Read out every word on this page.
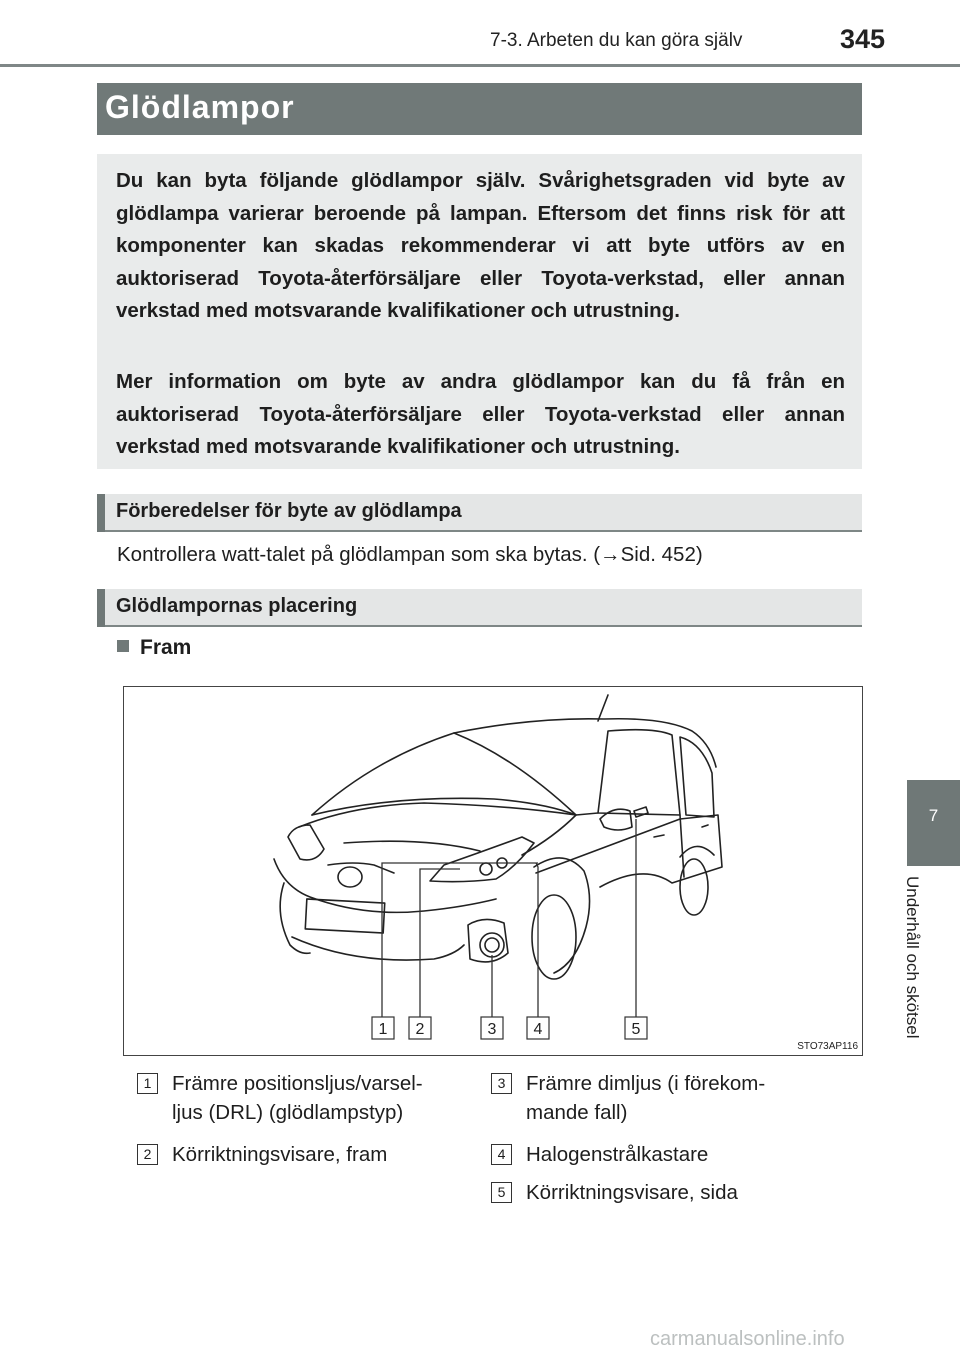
7-3. Arbeten du kan göra själv	345
7
Underhåll och skötsel
Glödlampor
Du kan byta följande glödlampor själv. Svårighetsgraden vid byte av glödlampa varierar beroende på lampan. Eftersom det finns risk för att komponenter kan skadas rekommenderar vi att byte utförs av en auktoriserad Toyota-återförsäljare eller Toyota-verkstad, eller annan verkstad med motsvarande kvalifikationer och utrustning.
Mer information om byte av andra glödlampor kan du få från en auktoriserad Toyota-återförsäljare eller Toyota-verkstad eller annan verkstad med motsvarande kvalifikationer och utrustning.
Förberedelser för byte av glödlampa
Kontrollera watt-talet på glödlampan som ska bytas. (→Sid. 452)
Glödlampornas placering
Fram
1 2	3 4	5
STO73AP116
1	Främre positionsljus/varsel-
ljus (DRL) (glödlampstyp)
2	Körriktningsvisare, fram
3	Främre dimljus (i förekom-
mande fall)
4	Halogenstrålkastare
5	Körriktningsvisare, sida
carmanualsonline.info
